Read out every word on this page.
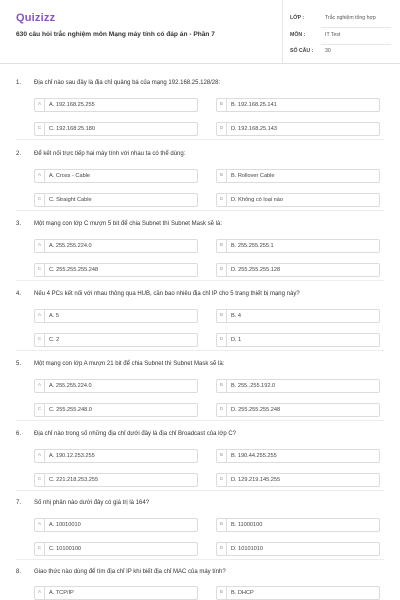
Quizizz
630 câu hỏi trắc nghiệm môn Mạng máy tính có đáp án - Phần 7
LỚP :	Trắc nghiệm tổng hợp
MÔN :	IT Test
SỐ CÂU : 30
1. Địa chỉ nào sau đây là địa chỉ quảng bá của mạng 192.168.25.128/28:
A	A. 192.168.25.255	B	B. 192.168.25.141
C	C. 192.168.25.180	D	D. 192.168.25.143
2. Để kết nối trực tiếp hai máy tính với nhau ta có thể dùng:
A	A. Cross - Cable	B	B. Rollover Cable
C	C. Straight Cable	D	D. Không có loại nào
3. Một mạng con lớp C mượn 5 bit để chia Subnet thì Subnet Mask sẽ là:
A	A. 255.255.224.0	B	B. 255.255.255.1
C	C. 255.255.255.248	D	D. 255.255.255.128
4. Nếu 4 PCs kết nối với nhau thông qua HUB, cần bao nhiêu địa chỉ IP cho 5 trang thiết bị mạng này?
A	A. 5	B	B. 4
C	C. 2	D	D. 1
5. Một mạng con lớp A mượn 21 bit để chia Subnet thì Subnet Mask sẽ là:
A	A. 255.255.224.0	B	B. 255..255.192.0
C	C. 255.255.248.0	D	D. 255.255.255.248
6. Địa chỉ nào trong số những địa chỉ dưới đây là địa chỉ Broadcast của lớp C?
A	A. 190.12.253.255	B	B. 190.44.255.255
C	C. 221.218.253.255	D	D. 129.219.145.255
7. Số nhị phân nào dưới đây có giá trị là 164?
A	A. 10010010	B	B. 11000100
C	C. 10100100	D	D. 10101010
8. Giao thức nào dùng để tìm địa chỉ IP khi biết địa chỉ MAC của máy tính?
A	A. TCP/IP	B	B. DHCP
